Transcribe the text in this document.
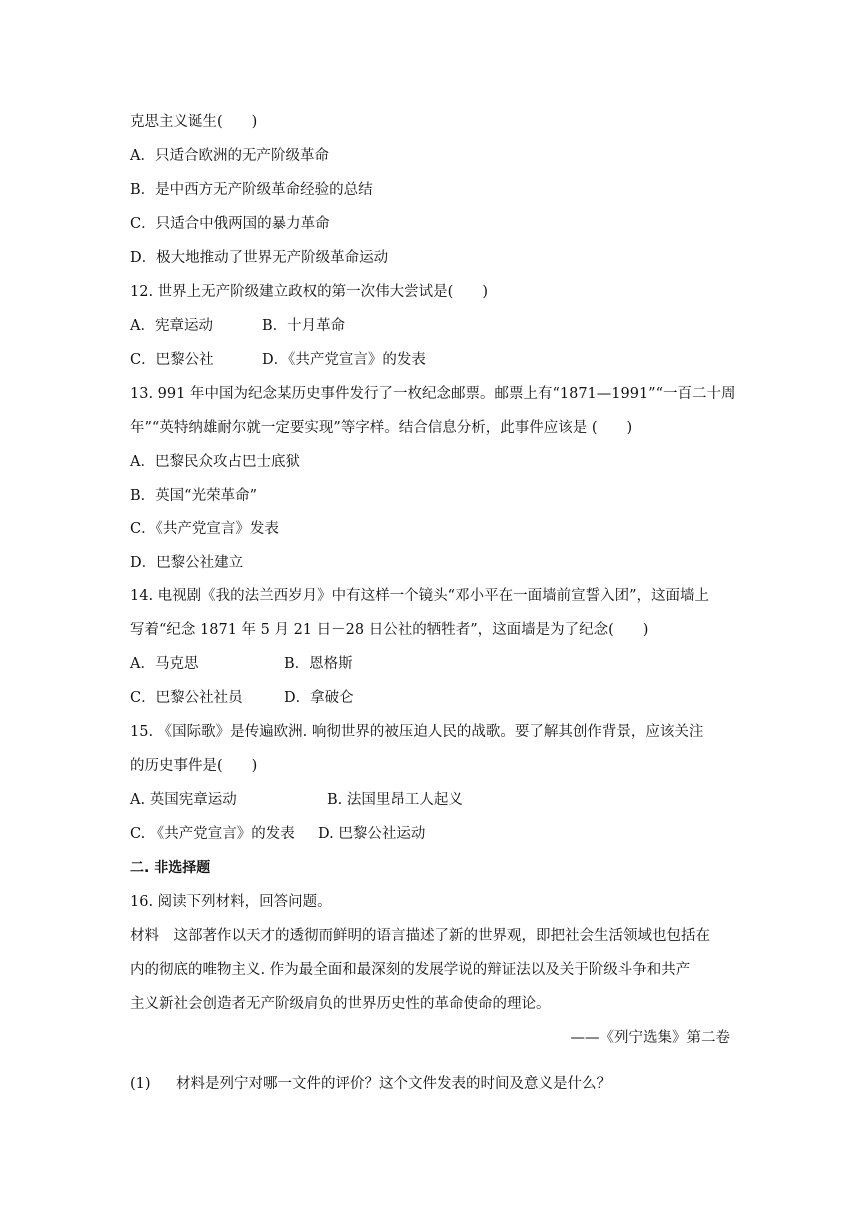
克思主义诞生(　　)
A．只适合欧洲的无产阶级革命
B．是中西方无产阶级革命经验的总结
C．只适合中俄两国的暴力革命
D．极大地推动了世界无产阶级革命运动
12. 世界上无产阶级建立政权的第一次伟大尝试是(　　)
A．宪章运动	B．十月革命
C．巴黎公社	D．《共产党宣言》的发表
13. 991 年中国为纪念某历史事件发行了一枚纪念邮票。邮票上有“1871—1991”“一百二十周
年”“英特纳雄耐尔就一定要实现”等字样。结合信息分析，此事件应该是 (　　)
A．巴黎民众攻占巴士底狱
B．英国“光荣革命”
C．《共产党宣言》发表
D．巴黎公社建立
14. 电视剧《我的法兰西岁月》中有这样一个镜头“邓小平在一面墙前宣誓入团”，这面墙上
写着“纪念 1871 年 5 月 21 日－28 日公社的牺牲者”，这面墙是为了纪念(　　)
A．马克思	B．恩格斯
C．巴黎公社社员	D．拿破仑
15. 《国际歌》是传遍欧洲. 响彻世界的被压迫人民的战歌。要了解其创作背景，应该关注
的历史事件是(　　)
A. 英国宪章运动	B. 法国里昂工人起义
C. 《共产党宣言》的发表 D. 巴黎公社运动
二. 非选择题
16. 阅读下列材料，回答问题。
材料　这部著作以天才的透彻而鲜明的语言描述了新的世界观，即把社会生活领域也包括在
内的彻底的唯物主义. 作为最全面和最深刻的发展学说的辩证法以及关于阶级斗争和共产
主义新社会创造者无产阶级肩负的世界历史性的革命使命的理论。
——《列宁选集》第二卷
(1) 材料是列宁对哪一文件的评价？这个文件发表的时间及意义是什么？
